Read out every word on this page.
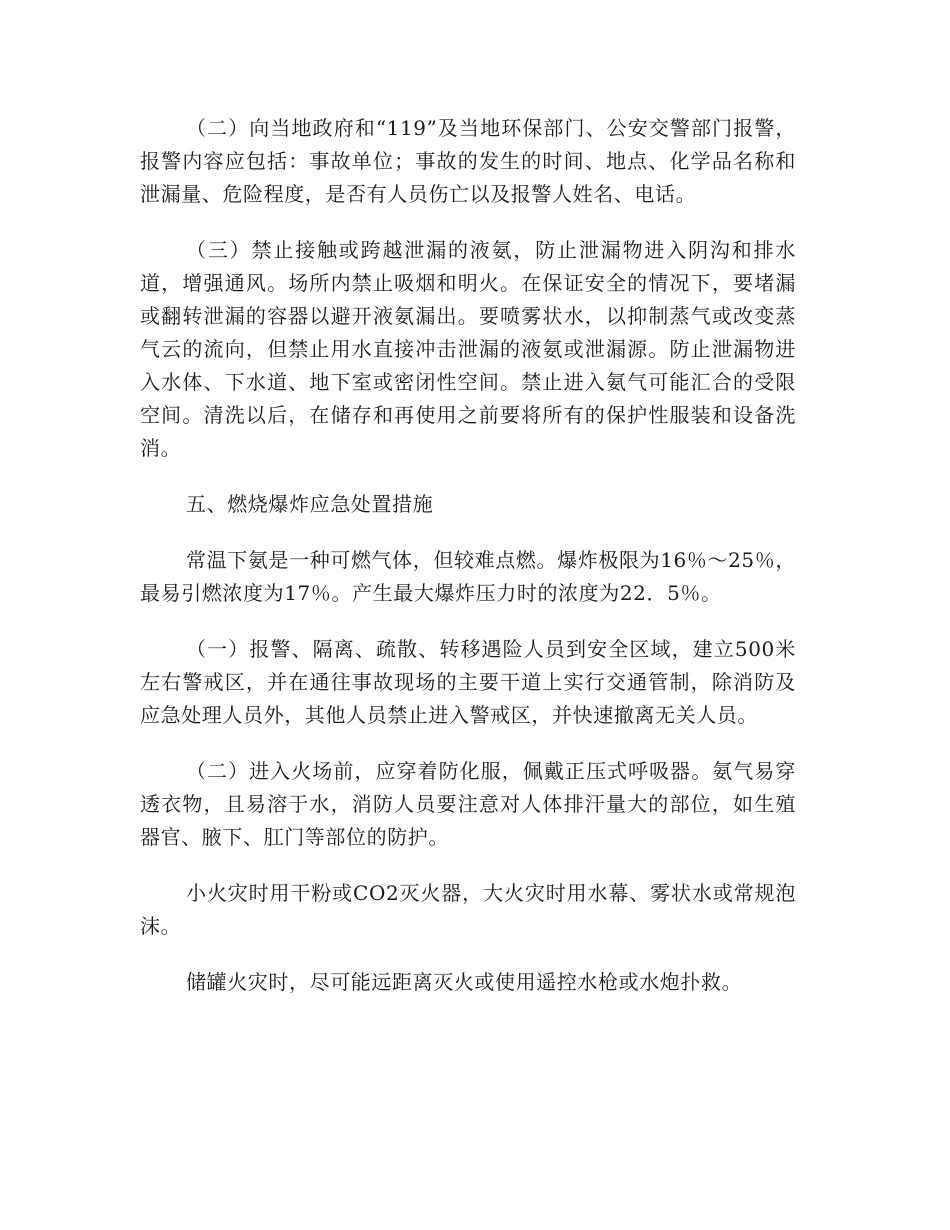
（二）向当地政府和“119”及当地环保部门、公安交警部门报警，报警内容应包括：事故单位；事故的发生的时间、地点、化学品名称和泄漏量、危险程度，是否有人员伤亡以及报警人姓名、电话。

（三）禁止接触或跨越泄漏的液氨，防止泄漏物进入阴沟和排水道，增强通风。场所内禁止吸烟和明火。在保证安全的情况下，要堵漏或翻转泄漏的容器以避开液氨漏出。要喷雾状水，以抑制蒸气或改变蒸气云的流向，但禁止用水直接冲击泄漏的液氨或泄漏源。防止泄漏物进入水体、下水道、地下室或密闭性空间。禁止进入氨气可能汇合的受限空间。清洗以后，在储存和再使用之前要将所有的保护性服装和设备洗消。

五、燃烧爆炸应急处置措施

常温下氨是一种可燃气体，但较难点燃。爆炸极限为16％～25％，最易引燃浓度为17％。产生最大爆炸压力时的浓度为22．5％。

（一）报警、隔离、疏散、转移遇险人员到安全区域，建立500米左右警戒区，并在通往事故现场的主要干道上实行交通管制，除消防及应急处理人员外，其他人员禁止进入警戒区，并快速撤离无关人员。

（二）进入火场前，应穿着防化服，佩戴正压式呼吸器。氨气易穿透衣物，且易溶于水，消防人员要注意对人体排汗量大的部位，如生殖器官、腋下、肛门等部位的防护。

小火灾时用干粉或CO2灭火器，大火灾时用水幕、雾状水或常规泡沫。

储罐火灾时，尽可能远距离灭火或使用遥控水枪或水炮扑救。
